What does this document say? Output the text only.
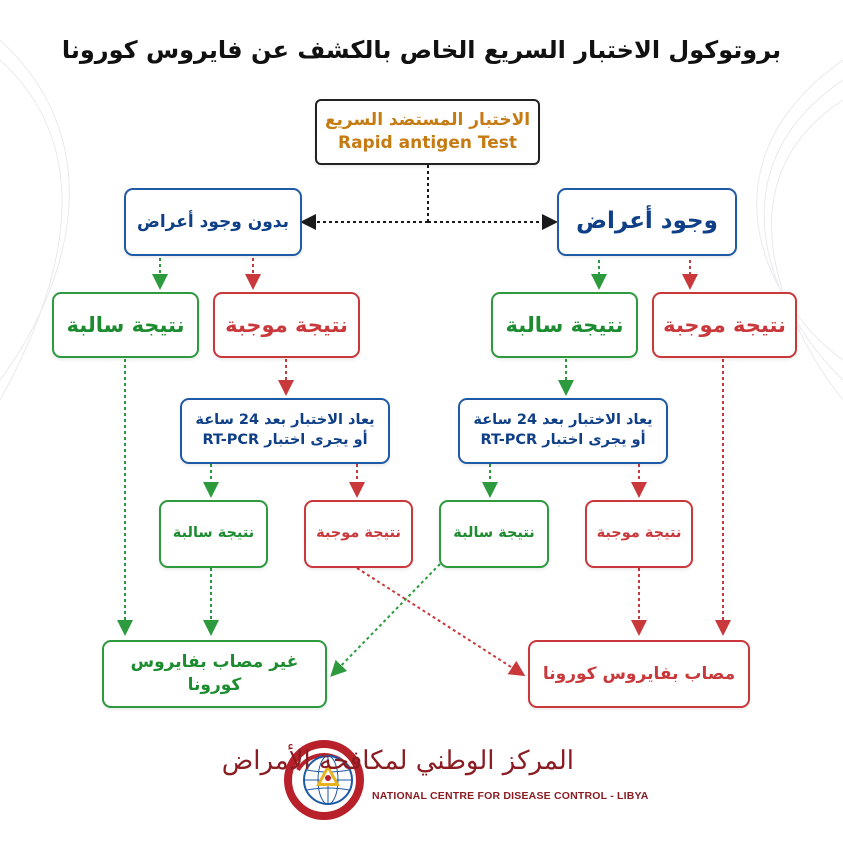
بروتوكول الاختبار السريع الخاص بالكشف عن فايروس كورونا
الاختبار المستضد السريع
Rapid antigen Test
وجود أعراض
بدون وجود أعراض
نتيجة موجبة
نتيجة سالبة
نتيجة موجبة
نتيجة سالبة
يعاد الاختبار بعد 24 ساعة
أو يجرى اختبار RT-PCR
يعاد الاختبار بعد 24 ساعة
أو يجرى اختبار RT-PCR
نتيجة سالبة	نتيجة موجبة	نتيجة سالبة	نتيجة موجبة
غير مصاب بفايروس كورونا
مصاب بفايروس كورونا
المركز الوطني لمكافحة الأمراض
NATIONAL CENTRE FOR DISEASE CONTROL - LIBYA
